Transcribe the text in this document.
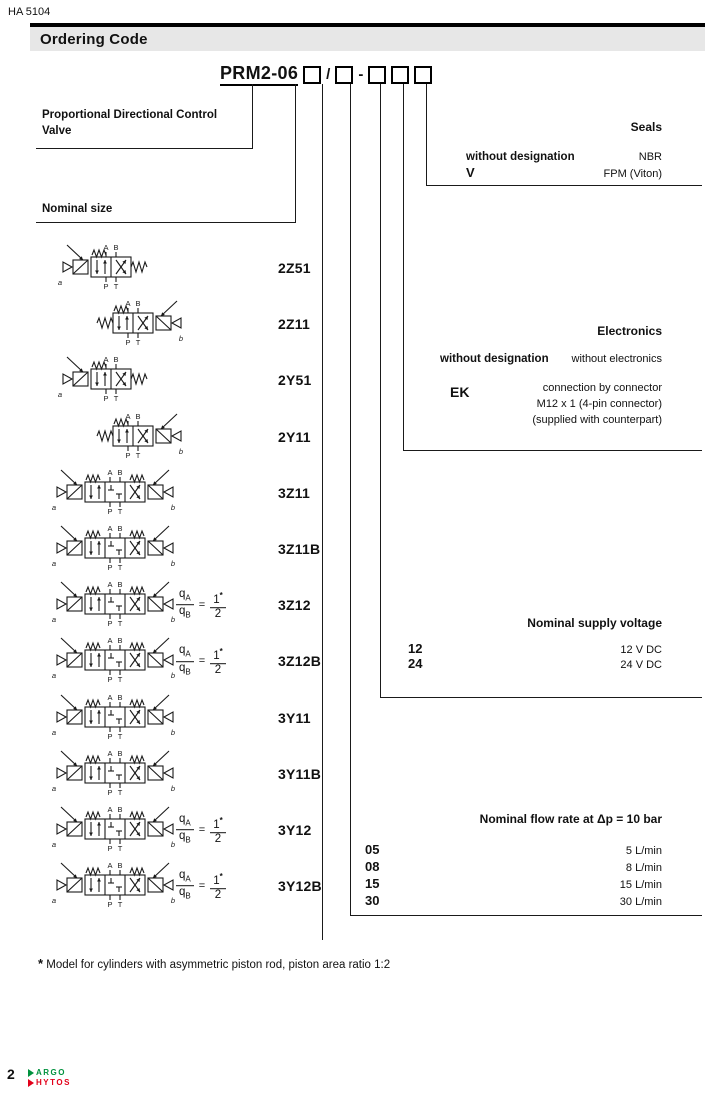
HA 5104
Ordering Code
PRM2-06 / -
Proportional Directional Control
Valve
Nominal size
A B
P T
a
2Z51
A B
P T	b
2Z11
A B
P T
a
2Y51
A B
P T	b
2Y11
A B
P T
a	b
3Z11
A B
P T
a	b
3Z11B
A B
P T
a	b $\frac{q_A}{q_B} = \frac{1^*}{2}$	3Z12
A B
P T
a	b $\frac{q_A}{q_B} = \frac{1^*}{2}$	3Z12B
A B
P T
a	b
3Y11
A B
P T
a	b
3Y11B
A B
P T
a	b $\frac{q_A}{q_B} = \frac{1^*}{2}$	3Y12
A B
P T
a	b $\frac{q_A}{q_B} = \frac{1^*}{2}$	3Y12B
Seals
without designation	NBR
V	FPM (Viton)
Electronics
without designation without electronics
EK	connection by connector
M12 x 1 (4-pin connector)
(supplied with counterpart)
Nominal supply voltage
12	12 V DC
24	24 V DC
Nominal flow rate at Δp = 10 bar
05	5 L/min
08	8 L/min
15	15 L/min
30	30 L/min
* Model for cylinders with asymmetric piston rod, piston area ratio 1:2
2	ARGO
HYTOS
